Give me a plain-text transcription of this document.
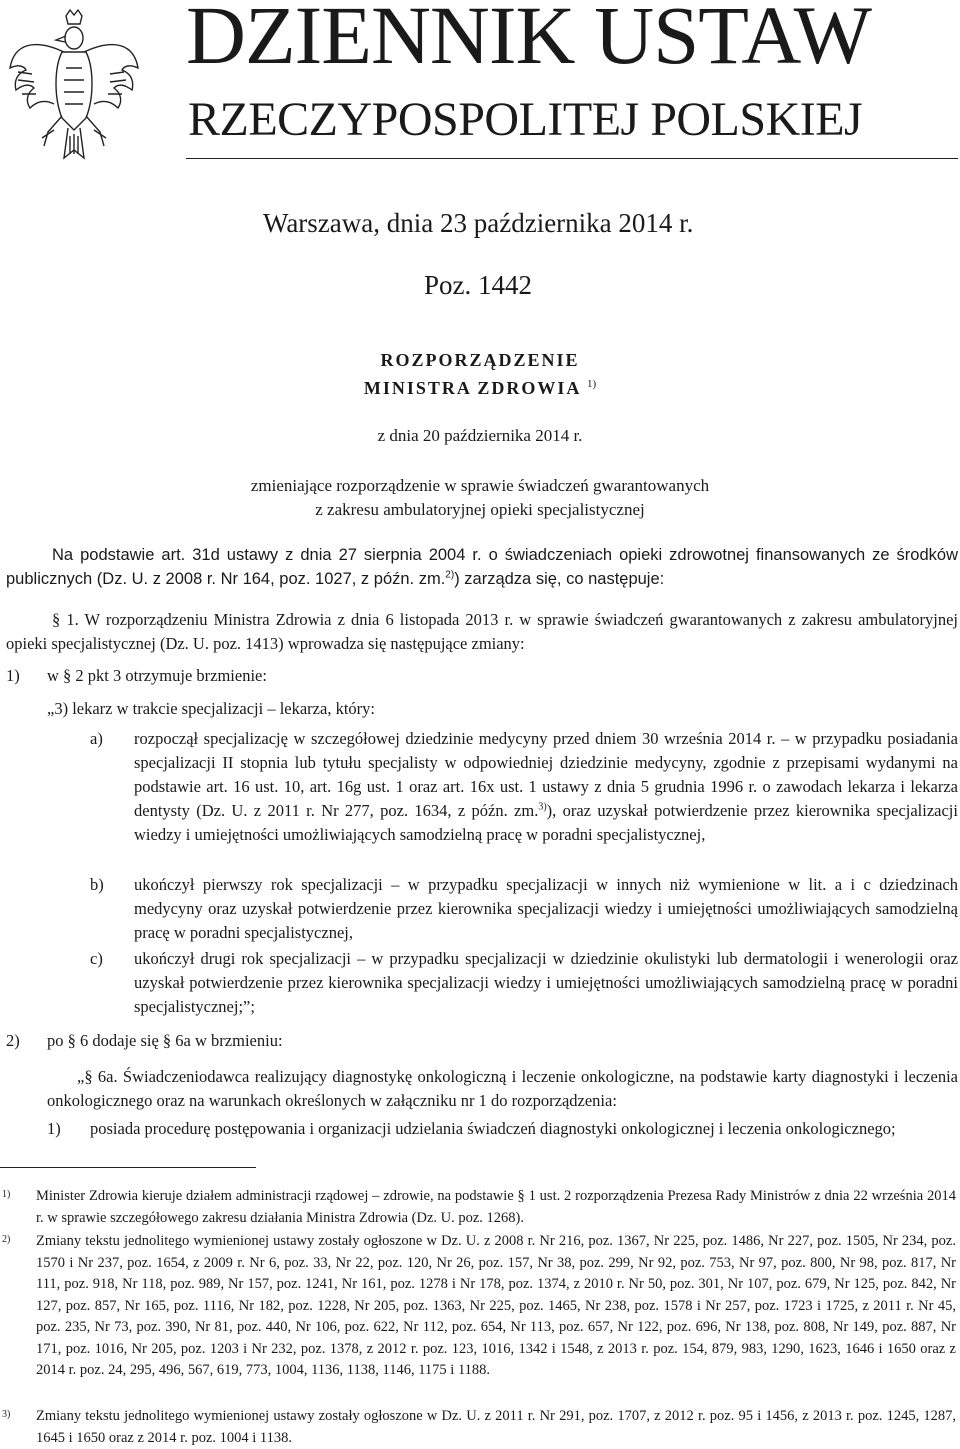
DZIENNIK USTAW
RZECZYPOSPOLITEJ POLSKIEJ
Warszawa, dnia 23 października 2014 r.
Poz. 1442
ROZPORZĄDZENIE
MINISTRA ZDROWIA $^{1)}$
z dnia 20 października 2014 r.
zmieniające rozporządzenie w sprawie świadczeń gwarantowanych
z zakresu ambulatoryjnej opieki specjalistycznej
Na podstawie art. 31d ustawy z dnia 27 sierpnia 2004 r. o świadczeniach opieki zdrowotnej finansowanych ze środków publicznych (Dz. U. z 2008 r. Nr 164, poz. 1027, z późn. zm.$^{2)}$) zarządza się, co następuje:
§ 1. W rozporządzeniu Ministra Zdrowia z dnia 6 listopada 2013 r. w sprawie świadczeń gwarantowanych z zakresu ambulatoryjnej opieki specjalistycznej (Dz. U. poz. 1413) wprowadza się następujące zmiany:
1) w § 2 pkt 3 otrzymuje brzmienie:
„3) lekarz w trakcie specjalizacji – lekarza, który:
a) rozpoczął specjalizację w szczegółowej dziedzinie medycyny przed dniem 30 września 2014 r. – w przypadku posiadania specjalizacji II stopnia lub tytułu specjalisty w odpowiedniej dziedzinie medycyny, zgodnie z przepisami wydanymi na podstawie art. 16 ust. 10, art. 16g ust. 1 oraz art. 16x ust. 1 ustawy z dnia 5 grudnia 1996 r. o zawodach lekarza i lekarza dentysty (Dz. U. z 2011 r. Nr 277, poz. 1634, z późn. zm.$^{3)}$), oraz uzyskał potwierdzenie przez kierownika specjalizacji wiedzy i umiejętności umożliwiających samodzielną pracę w poradni specjalistycznej,
b) ukończył pierwszy rok specjalizacji – w przypadku specjalizacji w innych niż wymienione w lit. a i c dziedzinach medycyny oraz uzyskał potwierdzenie przez kierownika specjalizacji wiedzy i umiejętności umożliwiających samodzielną pracę w poradni specjalistycznej,
c) ukończył drugi rok specjalizacji – w przypadku specjalizacji w dziedzinie okulistyki lub dermatologii i wenerologii oraz uzyskał potwierdzenie przez kierownika specjalizacji wiedzy i umiejętności umożliwiających samodzielną pracę w poradni specjalistycznej;”;
2) po § 6 dodaje się § 6a w brzmieniu:
„§ 6a. Świadczeniodawca realizujący diagnostykę onkologiczną i leczenie onkologiczne, na podstawie karty diagnostyki i leczenia onkologicznego oraz na warunkach określonych w załączniku nr 1 do rozporządzenia:
1) posiada procedurę postępowania i organizacji udzielania świadczeń diagnostyki onkologicznej i leczenia onkologicznego;
1) Minister Zdrowia kieruje działem administracji rządowej – zdrowie, na podstawie § 1 ust. 2 rozporządzenia Prezesa Rady Ministrów z dnia 22 września 2014 r. w sprawie szczegółowego zakresu działania Ministra Zdrowia (Dz. U. poz. 1268).
2) Zmiany tekstu jednolitego wymienionej ustawy zostały ogłoszone w Dz. U. z 2008 r. Nr 216, poz. 1367, Nr 225, poz. 1486, Nr 227, poz. 1505, Nr 234, poz. 1570 i Nr 237, poz. 1654, z 2009 r. Nr 6, poz. 33, Nr 22, poz. 120, Nr 26, poz. 157, Nr 38, poz. 299, Nr 92, poz. 753, Nr 97, poz. 800, Nr 98, poz. 817, Nr 111, poz. 918, Nr 118, poz. 989, Nr 157, poz. 1241, Nr 161, poz. 1278 i Nr 178, poz. 1374, z 2010 r. Nr 50, poz. 301, Nr 107, poz. 679, Nr 125, poz. 842, Nr 127, poz. 857, Nr 165, poz. 1116, Nr 182, poz. 1228, Nr 205, poz. 1363, Nr 225, poz. 1465, Nr 238, poz. 1578 i Nr 257, poz. 1723 i 1725, z 2011 r. Nr 45, poz. 235, Nr 73, poz. 390, Nr 81, poz. 440, Nr 106, poz. 622, Nr 112, poz. 654, Nr 113, poz. 657, Nr 122, poz. 696, Nr 138, poz. 808, Nr 149, poz. 887, Nr 171, poz. 1016, Nr 205, poz. 1203 i Nr 232, poz. 1378, z 2012 r. poz. 123, 1016, 1342 i 1548, z 2013 r. poz. 154, 879, 983, 1290, 1623, 1646 i 1650 oraz z 2014 r. poz. 24, 295, 496, 567, 619, 773, 1004, 1136, 1138, 1146, 1175 i 1188.
3) Zmiany tekstu jednolitego wymienionej ustawy zostały ogłoszone w Dz. U. z 2011 r. Nr 291, poz. 1707, z 2012 r. poz. 95 i 1456, z 2013 r. poz. 1245, 1287, 1645 i 1650 oraz z 2014 r. poz. 1004 i 1138.
